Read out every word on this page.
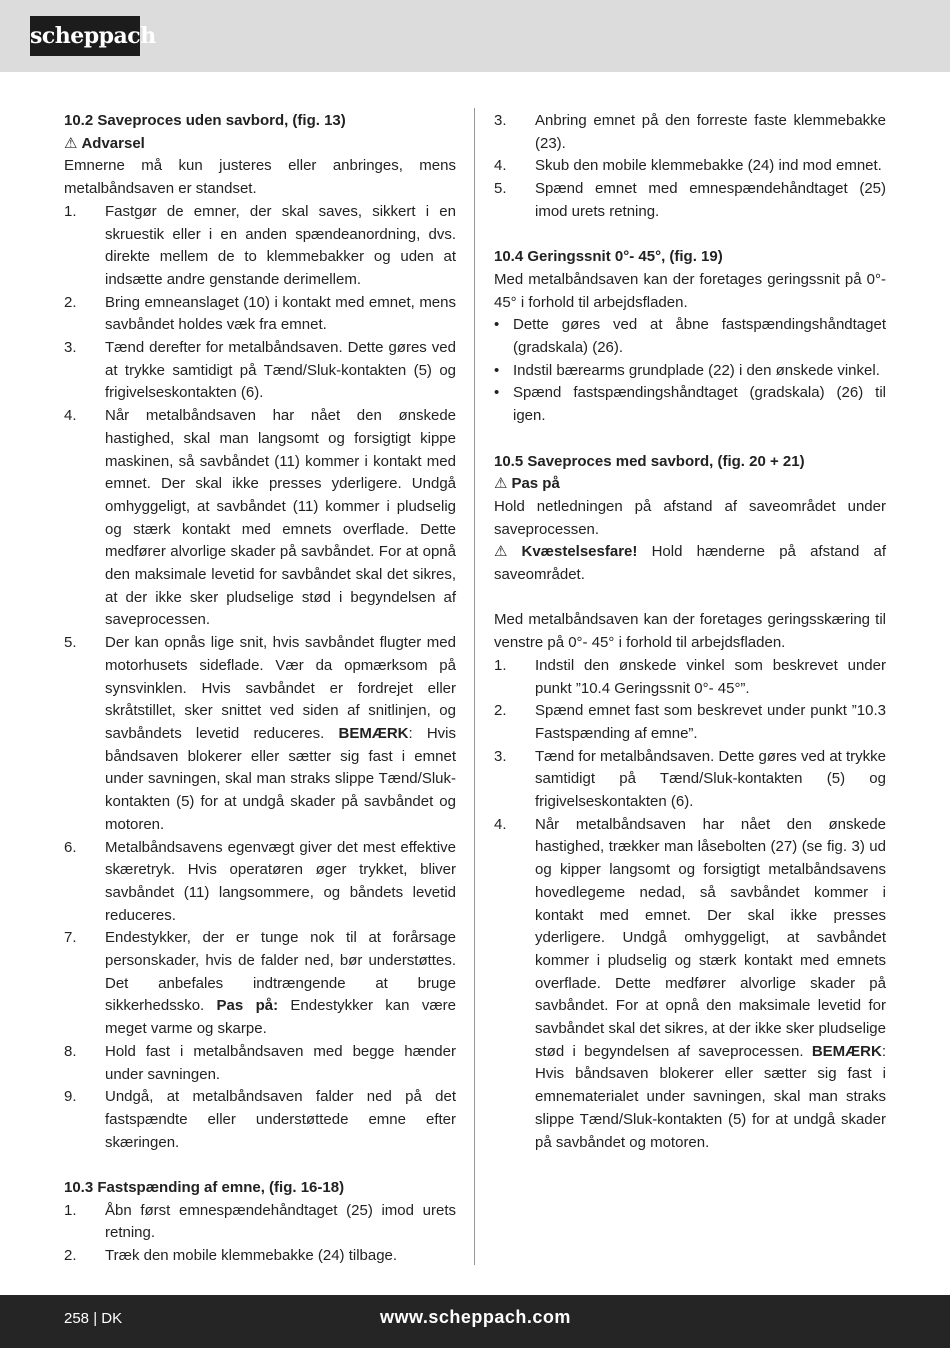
scheppach

10.2 Saveproces uden savbord, (fig. 13)

⚠ Advarsel

Emnerne må kun justeres eller anbringes, mens metalbåndsaven er standset.

1. Fastgør de emner, der skal saves, sikkert i en skruestik eller i en anden spændeanordning, dvs. direkte mellem de to klemmebakker og uden at indsætte andre genstande derimellem.
2. Bring emneanslaget (10) i kontakt med emnet, mens savbåndet holdes væk fra emnet.
3. Tænd derefter for metalbåndsaven. Dette gøres ved at trykke samtidigt på Tænd/Sluk-kontakten (5) og frigivelseskontakten (6).
4. Når metalbåndsaven har nået den ønskede hastighed, skal man langsomt og forsigtigt kippe maskinen, så savbåndet (11) kommer i kontakt med emnet. Der skal ikke presses yderligere. Undgå omhyggeligt, at savbåndet (11) kommer i pludselig og stærk kontakt med emnets overflade. Dette medfører alvorlige skader på savbåndet. For at opnå den maksimale levetid for savbåndet skal det sikres, at der ikke sker pludselige stød i begyndelsen af saveprocessen.
5. Der kan opnås lige snit, hvis savbåndet flugter med motorhusets sideflade. Vær da opmærksom på synsvinklen. Hvis savbåndet er fordrejet eller skråtstillet, sker snittet ved siden af snitlinjen, og savbåndets levetid reduceres. BEMÆRK: Hvis båndsaven blokerer eller sætter sig fast i emnet under savningen, skal man straks slippe Tænd/Sluk-kontakten (5) for at undgå skader på savbåndet og motoren.
6. Metalbåndsavens egenvægt giver det mest effektive skæretryk. Hvis operatøren øger trykket, bliver savbåndet (11) langsommere, og båndets levetid reduceres.
7. Endestykker, der er tunge nok til at forårsage personskader, hvis de falder ned, bør understøttes. Det anbefales indtrængende at bruge sikkerhedssko. Pas på: Endestykker kan være meget varme og skarpe.
8. Hold fast i metalbåndsaven med begge hænder under savningen.
9. Undgå, at metalbåndsaven falder ned på det fastspændte eller understøttede emne efter skæringen.

10.3 Fastspænding af emne, (fig. 16-18)

1. Åbn først emnespændehåndtaget (25) imod urets retning.
2. Træk den mobile klemmebakke (24) tilbage.
3. Anbring emnet på den forreste faste klemmebakke (23).
4. Skub den mobile klemmebakke (24) ind mod emnet.
5. Spænd emnet med emnespændehåndtaget (25) imod urets retning.

10.4 Geringssnit 0°- 45°, (fig. 19)

Med metalbåndsaven kan der foretages geringssnit på 0°- 45° i forhold til arbejdsfladen.

• Dette gøres ved at åbne fastspændingshåndtaget (gradskala) (26).
• Indstil bærearms grundplade (22) i den ønskede vinkel.
• Spænd fastspændingshåndtaget (gradskala) (26) til igen.

10.5 Saveproces med savbord, (fig. 20 + 21)

⚠ Pas på

Hold netledningen på afstand af saveområdet under saveprocessen.

⚠ Kvæstelsesfare! Hold hænderne på afstand af saveområdet.

Med metalbåndsaven kan der foretages geringsskæring til venstre på 0°- 45° i forhold til arbejdsfladen.

1. Indstil den ønskede vinkel som beskrevet under punkt ”10.4 Geringssnit 0°- 45°”.
2. Spænd emnet fast som beskrevet under punkt ”10.3 Fastspænding af emne”.
3. Tænd for metalbåndsaven. Dette gøres ved at trykke samtidigt på Tænd/Sluk-kontakten (5) og frigivelseskontakten (6).
4. Når metalbåndsaven har nået den ønskede hastighed, trækker man låsebolten (27) (se fig. 3) ud og kipper langsomt og forsigtigt metalbåndsavens hovedlegeme nedad, så savbåndet kommer i kontakt med emnet. Der skal ikke presses yderligere. Undgå omhyggeligt, at savbåndet kommer i pludselig og stærk kontakt med emnets overflade. Dette medfører alvorlige skader på savbåndet. For at opnå den maksimale levetid for savbåndet skal det sikres, at der ikke sker pludselige stød i begyndelsen af saveprocessen. BEMÆRK: Hvis båndsaven blokerer eller sætter sig fast i emnematerialet under savningen, skal man straks slippe Tænd/Sluk-kontakten (5) for at undgå skader på savbåndet og motoren.
258 | DK	www.scheppach.com
